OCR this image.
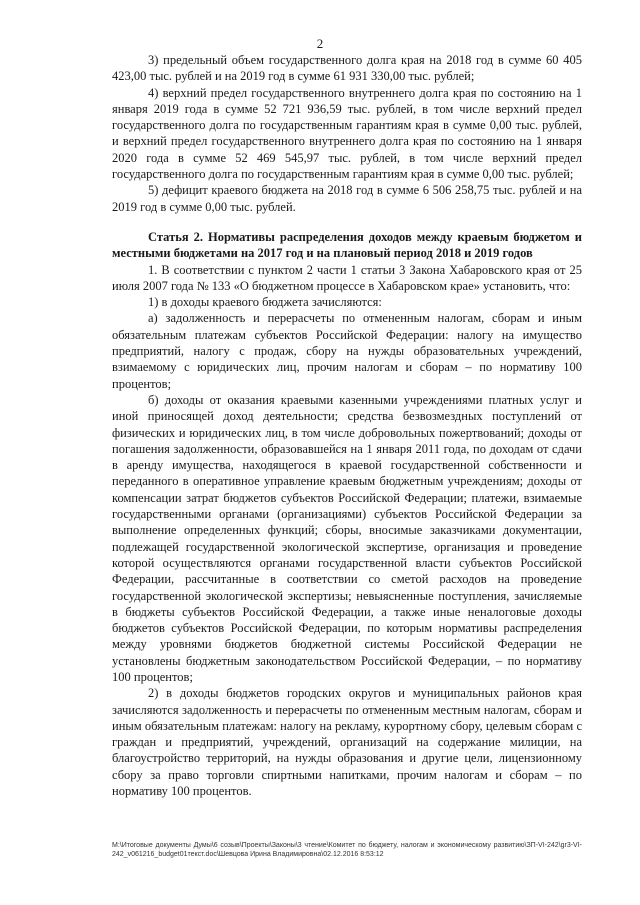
2

3) предельный объем государственного долга края на 2018 год в сумме 60 405 423,00 тыс. рублей и на 2019 год в сумме 61 931 330,00 тыс. рублей;

4) верхний предел государственного внутреннего долга края по состоянию на 1 января 2019 года в сумме 52 721 936,59 тыс. рублей, в том числе верхний предел государственного долга по государственным гарантиям края в сумме 0,00 тыс. рублей, и верхний предел государственного внутреннего долга края по состоянию на 1 января 2020 года в сумме 52 469 545,97 тыс. рублей, в том числе верхний предел государственного долга по государственным гарантиям края в сумме 0,00 тыс. рублей;

5) дефицит краевого бюджета на 2018 год в сумме 6 506 258,75 тыс. рублей и на 2019 год в сумме 0,00 тыс. рублей.

Статья 2. Нормативы распределения доходов между краевым бюджетом и местными бюджетами на 2017 год и на плановый период 2018 и 2019 годов

1. В соответствии с пунктом 2 части 1 статьи 3 Закона Хабаровского края от 25 июля 2007 года № 133 «О бюджетном процессе в Хабаровском крае» установить, что:

1) в доходы краевого бюджета зачисляются:

а) задолженность и перерасчеты по отмененным налогам, сборам и иным обязательным платежам субъектов Российской Федерации: налогу на имущество предприятий, налогу с продаж, сбору на нужды образовательных учреждений, взимаемому с юридических лиц, прочим налогам и сборам – по нормативу 100 процентов;

б) доходы от оказания краевыми казенными учреждениями платных услуг и иной приносящей доход деятельности; средства безвозмездных поступлений от физических и юридических лиц, в том числе добровольных пожертвований; доходы от погашения задолженности, образовавшейся на 1 января 2011 года, по доходам от сдачи в аренду имущества, находящегося в краевой государственной собственности и переданного в оперативное управление краевым бюджетным учреждениям; доходы от компенсации затрат бюджетов субъектов Российской Федерации; платежи, взимаемые государственными органами (организациями) субъектов Российской Федерации за выполнение определенных функций; сборы, вносимые заказчиками документации, подлежащей государственной экологической экспертизе, организация и проведение которой осуществляются органами государственной власти субъектов Российской Федерации, рассчитанные в соответствии со сметой расходов на проведение государственной экологической экспертизы; невыясненные поступления, зачисляемые в бюджеты субъектов Российской Федерации, а также иные неналоговые доходы бюджетов субъектов Российской Федерации, по которым нормативы распределения между уровнями бюджетов бюджетной системы Российской Федерации не установлены бюджетным законодательством Российской Федерации, – по нормативу 100 процентов;

2) в доходы бюджетов городских округов и муниципальных районов края зачисляются задолженность и перерасчеты по отмененным местным налогам, сборам и иным обязательным платежам: налогу на рекламу, курортному сбору, целевым сборам с граждан и предприятий, учреждений, организаций на содержание милиции, на благоустройство территорий, на нужды образования и другие цели, лицензионному сбору за право торговли спиртными напитками, прочим налогам и сборам – по нормативу 100 процентов.

М:\Итоговые документы Думы\6 созыв\Проекты\Законы\3 чтение\Комитет по бюджету, налогам и экономическому развитию\ЗП-VI-242\gr3-VI-242_v061216_budget01текст.doc\Шевцова Ирина Владимировна\02.12.2016 8:53:12
